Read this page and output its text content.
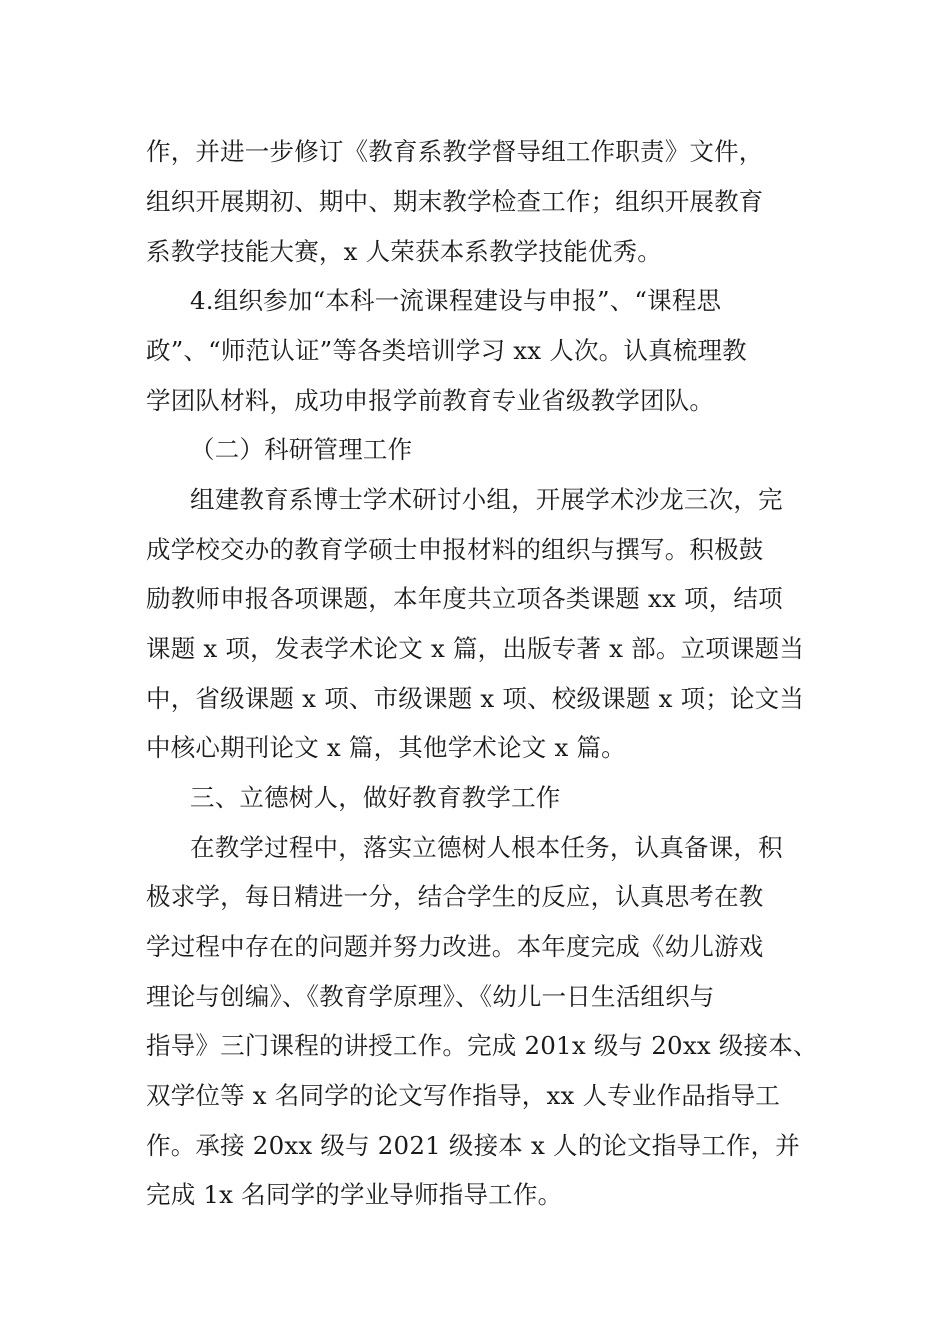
作，并进一步修订《教育系教学督导组工作职责》文件，
组织开展期初、期中、期末教学检查工作；组织开展教育
系教学技能大赛，x 人荣获本系教学技能优秀。
4.组织参加“本科一流课程建设与申报”、“课程思
政”、“师范认证”等各类培训学习 xx 人次。认真梳理教
学团队材料，成功申报学前教育专业省级教学团队。
（二）科研管理工作
组建教育系博士学术研讨小组，开展学术沙龙三次，完
成学校交办的教育学硕士申报材料的组织与撰写。积极鼓
励教师申报各项课题，本年度共立项各类课题 xx 项，结项
课题 x 项，发表学术论文 x 篇，出版专著 x 部。立项课题当
中，省级课题 x 项、市级课题 x 项、校级课题 x 项；论文当
中核心期刊论文 x 篇，其他学术论文 x 篇。
三、立德树人，做好教育教学工作
在教学过程中，落实立德树人根本任务，认真备课，积
极求学，每日精进一分，结合学生的反应，认真思考在教
学过程中存在的问题并努力改进。本年度完成《幼儿游戏
理论与创编》、《教育学原理》、《幼儿一日生活组织与
指导》三门课程的讲授工作。完成 201x 级与 20xx 级接本、
双学位等 x 名同学的论文写作指导，xx 人专业作品指导工
作。承接 20xx 级与 2021 级接本 x 人的论文指导工作，并
完成 1x 名同学的学业导师指导工作。
